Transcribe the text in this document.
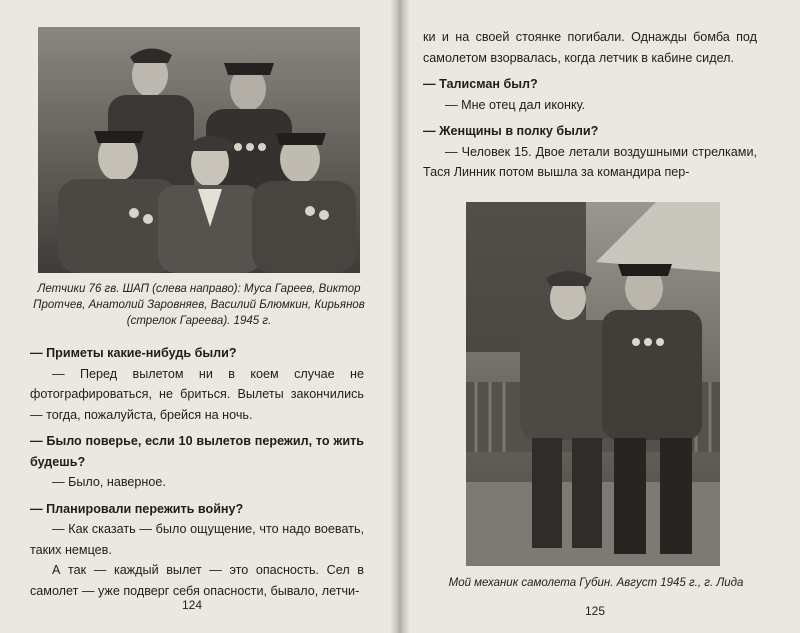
Летчики 76 гв. ШАП (слева направо): Муса Гареев, Виктор Протчев, Анатолий Заровняев, Василий Блюмкин, Кирьянов (стрелок Гареева). 1945 г.

— Приметы какие-нибудь были?

— Перед вылетом ни в коем случае не фотографироваться, не бриться. Вылеты закончились — тогда, пожалуйста, брейся на ночь.

— Было поверье, если 10 вылетов пережил, то жить будешь?

— Было, наверное.

— Планировали пережить войну?

— Как сказать — было ощущение, что надо воевать, таких немцев.

А так — каждый вылет — это опасность. Сел в самолет — уже подверг себя опасности, бывало, летчи-

124

ки и на своей стоянке погибали. Однажды бомба под самолетом взорвалась, когда летчик в кабине сидел.

— Талисман был?

— Мне отец дал иконку.

— Женщины в полку были?

— Человек 15. Двое летали воздушными стрелками, Тася Линник потом вышла за командира пер-

Мой механик самолета Губин. Август 1945 г., г. Лида
125
